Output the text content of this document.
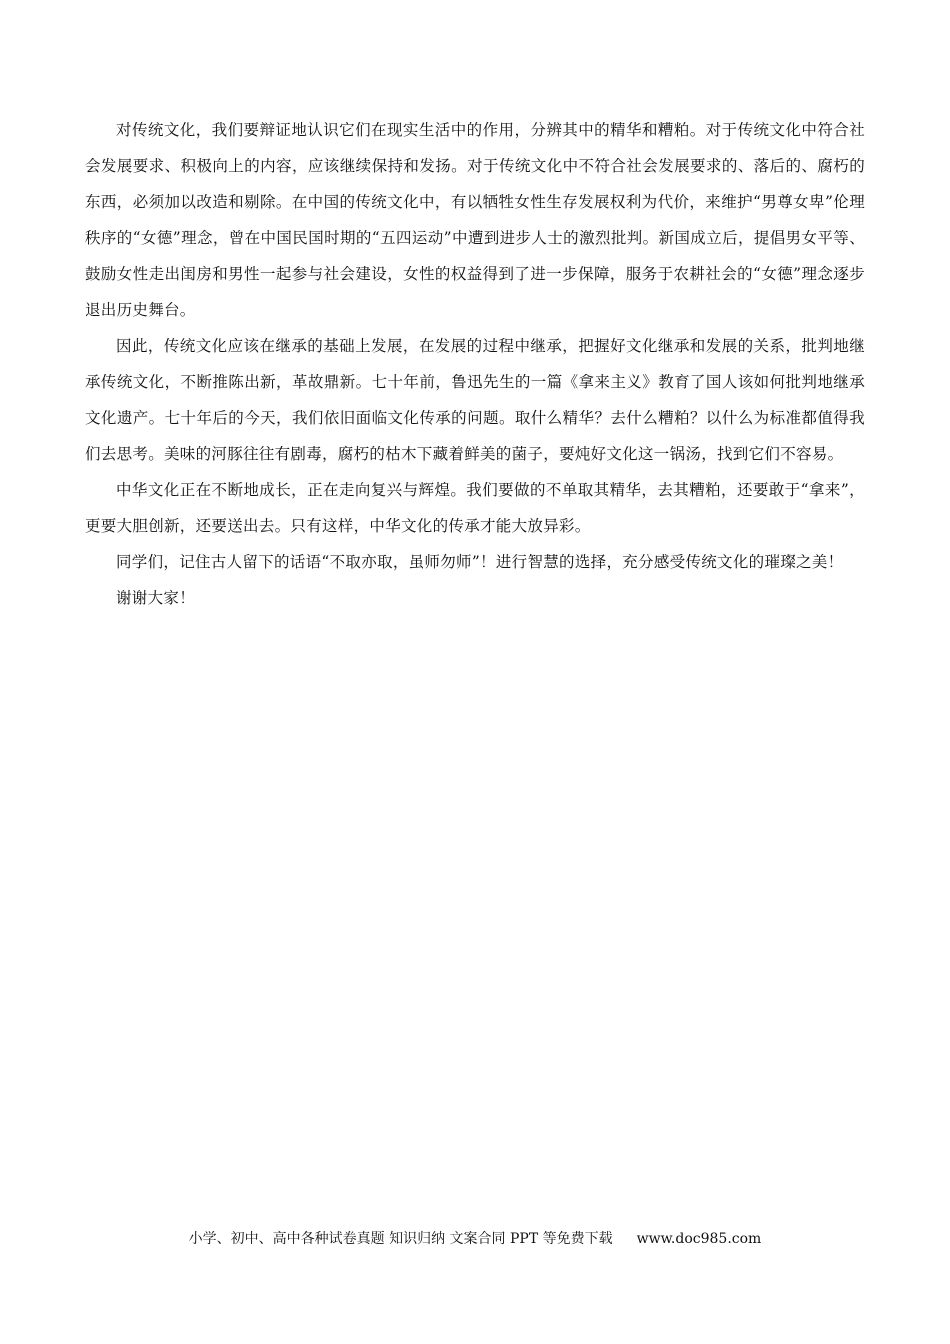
对传统文化，我们要辩证地认识它们在现实生活中的作用，分辨其中的精华和糟粕。对于传统文化中符合社会发展要求、积极向上的内容，应该继续保持和发扬。对于传统文化中不符合社会发展要求的、落后的、腐朽的东西，必须加以改造和剔除。在中国的传统文化中，有以牺牲女性生存发展权利为代价，来维护“男尊女卑”伦理秩序的“女德”理念，曾在中国民国时期的“五四运动”中遭到进步人士的激烈批判。新国成立后，提倡男女平等、鼓励女性走出闺房和男性一起参与社会建设，女性的权益得到了进一步保障，服务于农耕社会的“女德”理念逐步退出历史舞台。

因此，传统文化应该在继承的基础上发展，在发展的过程中继承，把握好文化继承和发展的关系，批判地继承传统文化，不断推陈出新，革故鼎新。七十年前，鲁迅先生的一篇《拿来主义》教育了国人该如何批判地继承文化遗产。七十年后的今天，我们依旧面临文化传承的问题。取什么精华？去什么糟粕？以什么为标准都值得我们去思考。美味的河豚往往有剧毒，腐朽的枯木下藏着鲜美的菌子，要炖好文化这一锅汤，找到它们不容易。

中华文化正在不断地成长，正在走向复兴与辉煌。我们要做的不单取其精华，去其糟粕，还要敢于“拿来”，更要大胆创新，还要送出去。只有这样，中华文化的传承才能大放异彩。

同学们，记住古人留下的话语“不取亦取，虽师勿师”！进行智慧的选择，充分感受传统文化的璀璨之美！

谢谢大家！

小学、初中、高中各种试卷真题 知识归纳 文案合同 PPT 等免费下载 www.doc985.com
